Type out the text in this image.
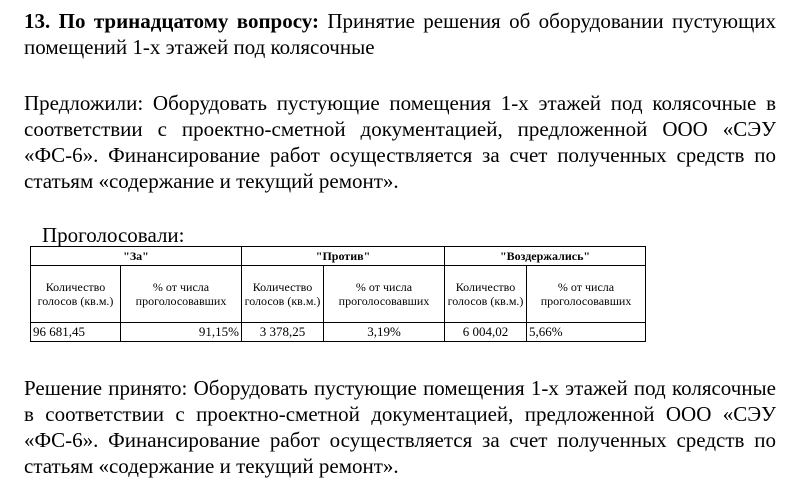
13. По тринадцатому вопросу: Принятие решения об оборудовании пустующих помещений 1-х этажей под колясочные

Предложили: Оборудовать пустующие помещения 1-х этажей под колясочные в соответствии с проектно-сметной документацией, предложенной ООО «СЭУ «ФС-6». Финансирование работ осуществляется за счет полученных средств по статьям «содержание и текущий ремонт».

Проголосовали:
"За"		"Против"		"Воздержались"	
Количество голосов (кв.м.)	% от числа проголосовавших	Количество голосов (кв.м.)	% от числа проголосовавших	Количество голосов (кв.м.)	% от числа проголосовавших
96 681,45	91,15%	3 378,25	3,19%	6 004,02	5,66%

Решение принято: Оборудовать пустующие помещения 1-х этажей под колясочные в соответствии с проектно-сметной документацией, предложенной ООО «СЭУ «ФС-6». Финансирование работ осуществляется за счет полученных средств по статьям «содержание и текущий ремонт».
